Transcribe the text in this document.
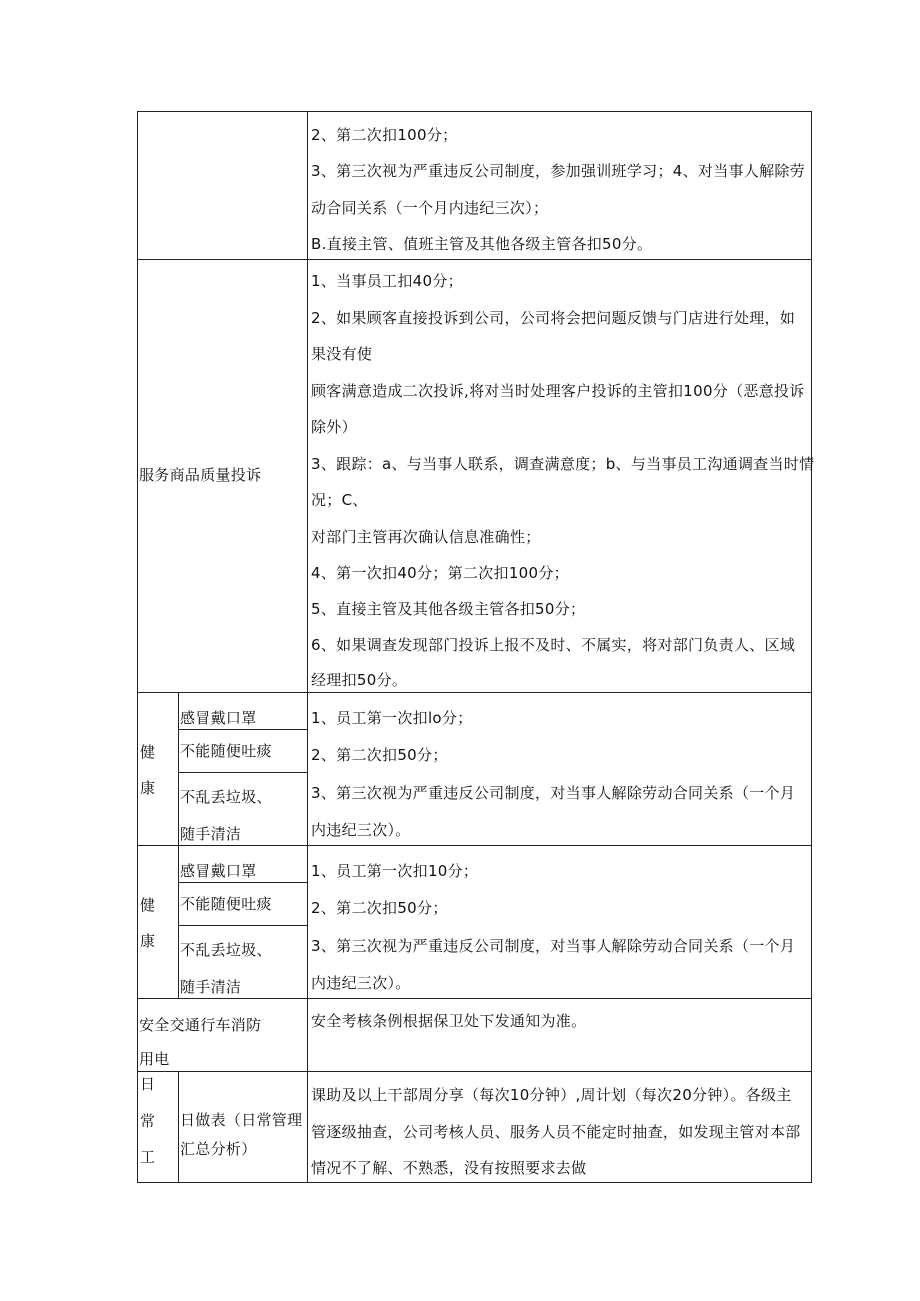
2、第二次扣100分；
3、第三次视为严重违反公司制度，参加强训班学习；4、对当事人解除劳
动合同关系（一个月内违纪三次）；
B.直接主管、值班主管及其他各级主管各扣50分。
服务商品质量投诉
1、当事员工扣40分；
2、如果顾客直接投诉到公司，公司将会把问题反馈与门店进行处理，如
果没有使
顾客满意造成二次投诉,将对当时处理客户投诉的主管扣100分（恶意投诉
除外）
3、跟踪：a、与当事人联系，调查满意度；b、与当事员工沟通调查当时情
况；C、
对部门主管再次确认信息准确性；
4、第一次扣40分；第二次扣100分；
5、直接主管及其他各级主管各扣50分；
6、如果调查发现部门投诉上报不及时、不属实，将对部门负责人、区域
经理扣50分。
健
康
感冒戴口罩
不能随便吐痰
不乱丢垃圾、
随手清洁
1、员工第一次扣lo分；
2、第二次扣50分；
3、第三次视为严重违反公司制度，对当事人解除劳动合同关系（一个月
内违纪三次）。
健
康
感冒戴口罩
不能随便吐痰
不乱丢垃圾、
随手清洁
1、员工第一次扣10分；
2、第二次扣50分；
3、第三次视为严重违反公司制度，对当事人解除劳动合同关系（一个月
内违纪三次）。
安全交通行车消防
用电
安全考核条例根据保卫处下发通知为准。
日
常
工
日做表（日常管理
汇总分析）
课助及以上干部周分享（每次10分钟）,周计划（每次20分钟）。各级主
管逐级抽查，公司考核人员、服务人员不能定时抽查，如发现主管对本部
情况不了解、不熟悉，没有按照要求去做
